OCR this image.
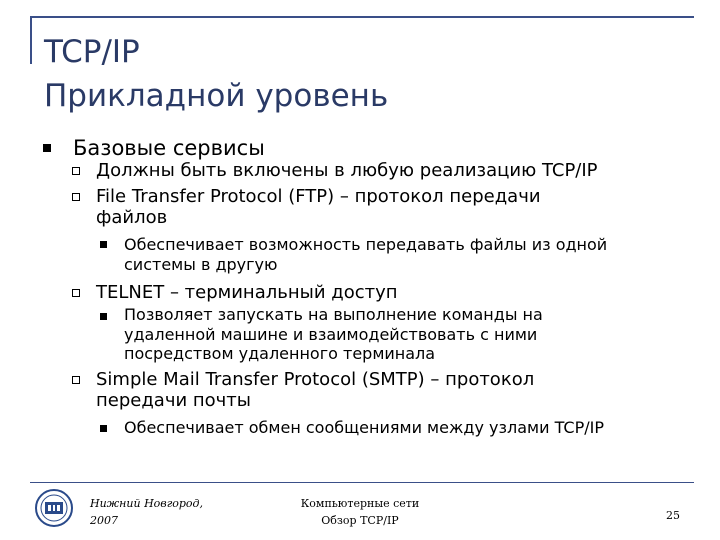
TCP/IP
Прикладной уровень
Базовые сервисы
Должны быть включены в любую реализацию TCP/IP
File Transfer Protocol (FTP) – протокол передачи
файлов
Обеспечивает возможность передавать файлы из одной
системы в другую
TELNET – терминальный доступ
Позволяет запускать на выполнение команды на
удаленной машине и взаимодействовать с ними
посредством удаленного терминала
Simple Mail Transfer Protocol (SMTP) – протокол
передачи почты
Обеспечивает обмен сообщениями между узлами TCP/IP
Нижний Новгород,
2007
Компьютерные сети
Обзор TCP/IP	25
